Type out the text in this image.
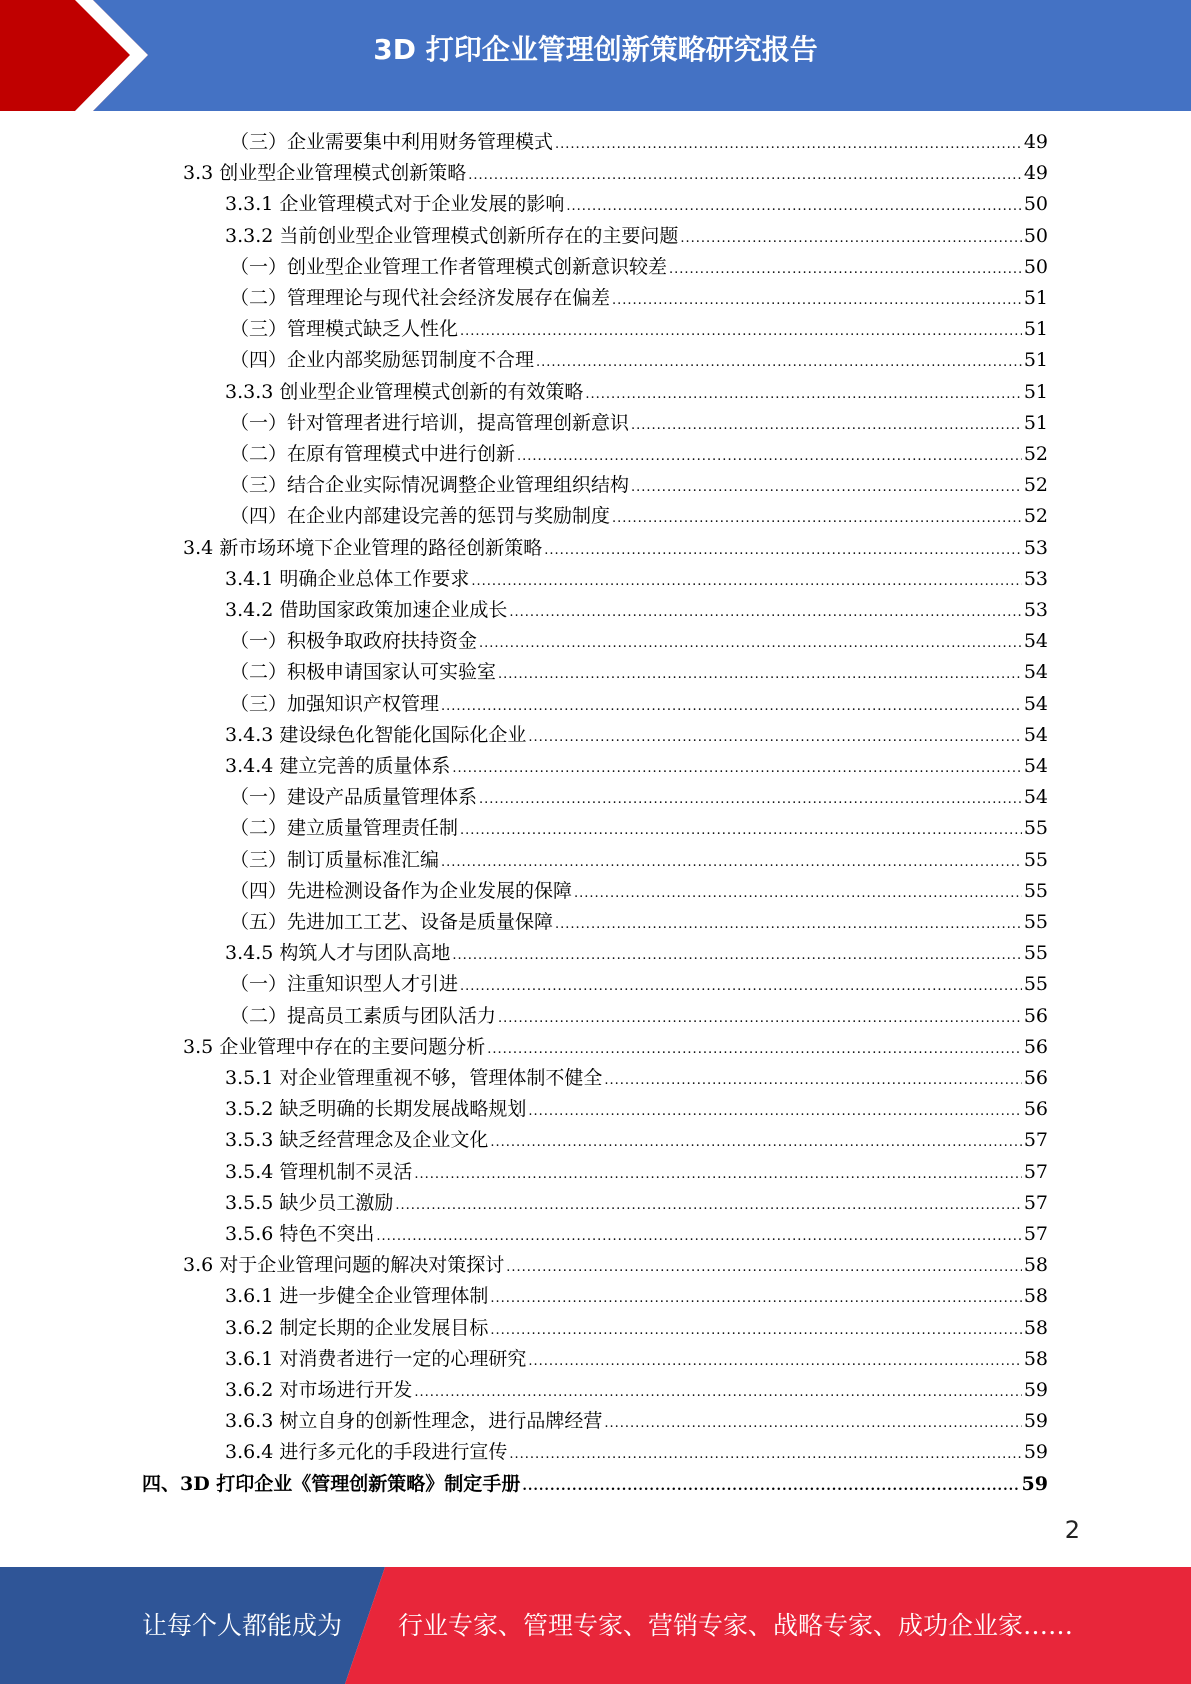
3D 打印企业管理创新策略研究报告
（三）企业需要集中利用财务管理模式 .....	49
3.3 创业型企业管理模式创新策略 .....	49
3.3.1 企业管理模式对于企业发展的影响 .....	50
3.3.2 当前创业型企业管理模式创新所存在的主要问题 .....	50
（一）创业型企业管理工作者管理模式创新意识较差 .....	50
（二）管理理论与现代社会经济发展存在偏差 .....	51
（三）管理模式缺乏人性化 .....	51
（四）企业内部奖励惩罚制度不合理 .....	51
3.3.3 创业型企业管理模式创新的有效策略 .....	51
（一）针对管理者进行培训，提高管理创新意识 .....	51
（二）在原有管理模式中进行创新 .....	52
（三）结合企业实际情况调整企业管理组织结构 .....	52
（四）在企业内部建设完善的惩罚与奖励制度 .....	52
3.4 新市场环境下企业管理的路径创新策略 .....	53
3.4.1 明确企业总体工作要求 .....	53
3.4.2 借助国家政策加速企业成长 .....	53
（一）积极争取政府扶持资金 .....	54
（二）积极申请国家认可实验室 .....	54
（三）加强知识产权管理 .....	54
3.4.3 建设绿色化智能化国际化企业 .....	54
3.4.4 建立完善的质量体系 .....	54
（一）建设产品质量管理体系 .....	54
（二）建立质量管理责任制 .....	55
（三）制订质量标准汇编 .....	55
（四）先进检测设备作为企业发展的保障 .....	55
（五）先进加工工艺、设备是质量保障 .....	55
3.4.5 构筑人才与团队高地 .....	55
（一）注重知识型人才引进 .....	55
（二）提高员工素质与团队活力 .....	56
3.5 企业管理中存在的主要问题分析 .....	56
3.5.1 对企业管理重视不够，管理体制不健全 .....	56
3.5.2 缺乏明确的长期发展战略规划 .....	56
3.5.3 缺乏经营理念及企业文化 .....	57
3.5.4 管理机制不灵活 .....	57
3.5.5 缺少员工激励 .....	57
3.5.6 特色不突出 .....	57
3.6 对于企业管理问题的解决对策探讨 .....	58
3.6.1 进一步健全企业管理体制 .....	58
3.6.2 制定长期的企业发展目标 .....	58
3.6.1 对消费者进行一定的心理研究 .....	58
3.6.2 对市场进行开发 .....	59
3.6.3 树立自身的创新性理念，进行品牌经营 .....	59
3.6.4 进行多元化的手段进行宣传 .....	59
四、3D 打印企业《管理创新策略》制定手册 .....	59
2
让每个人都能成为 行业专家、管理专家、营销专家、战略专家、成功企业家……
